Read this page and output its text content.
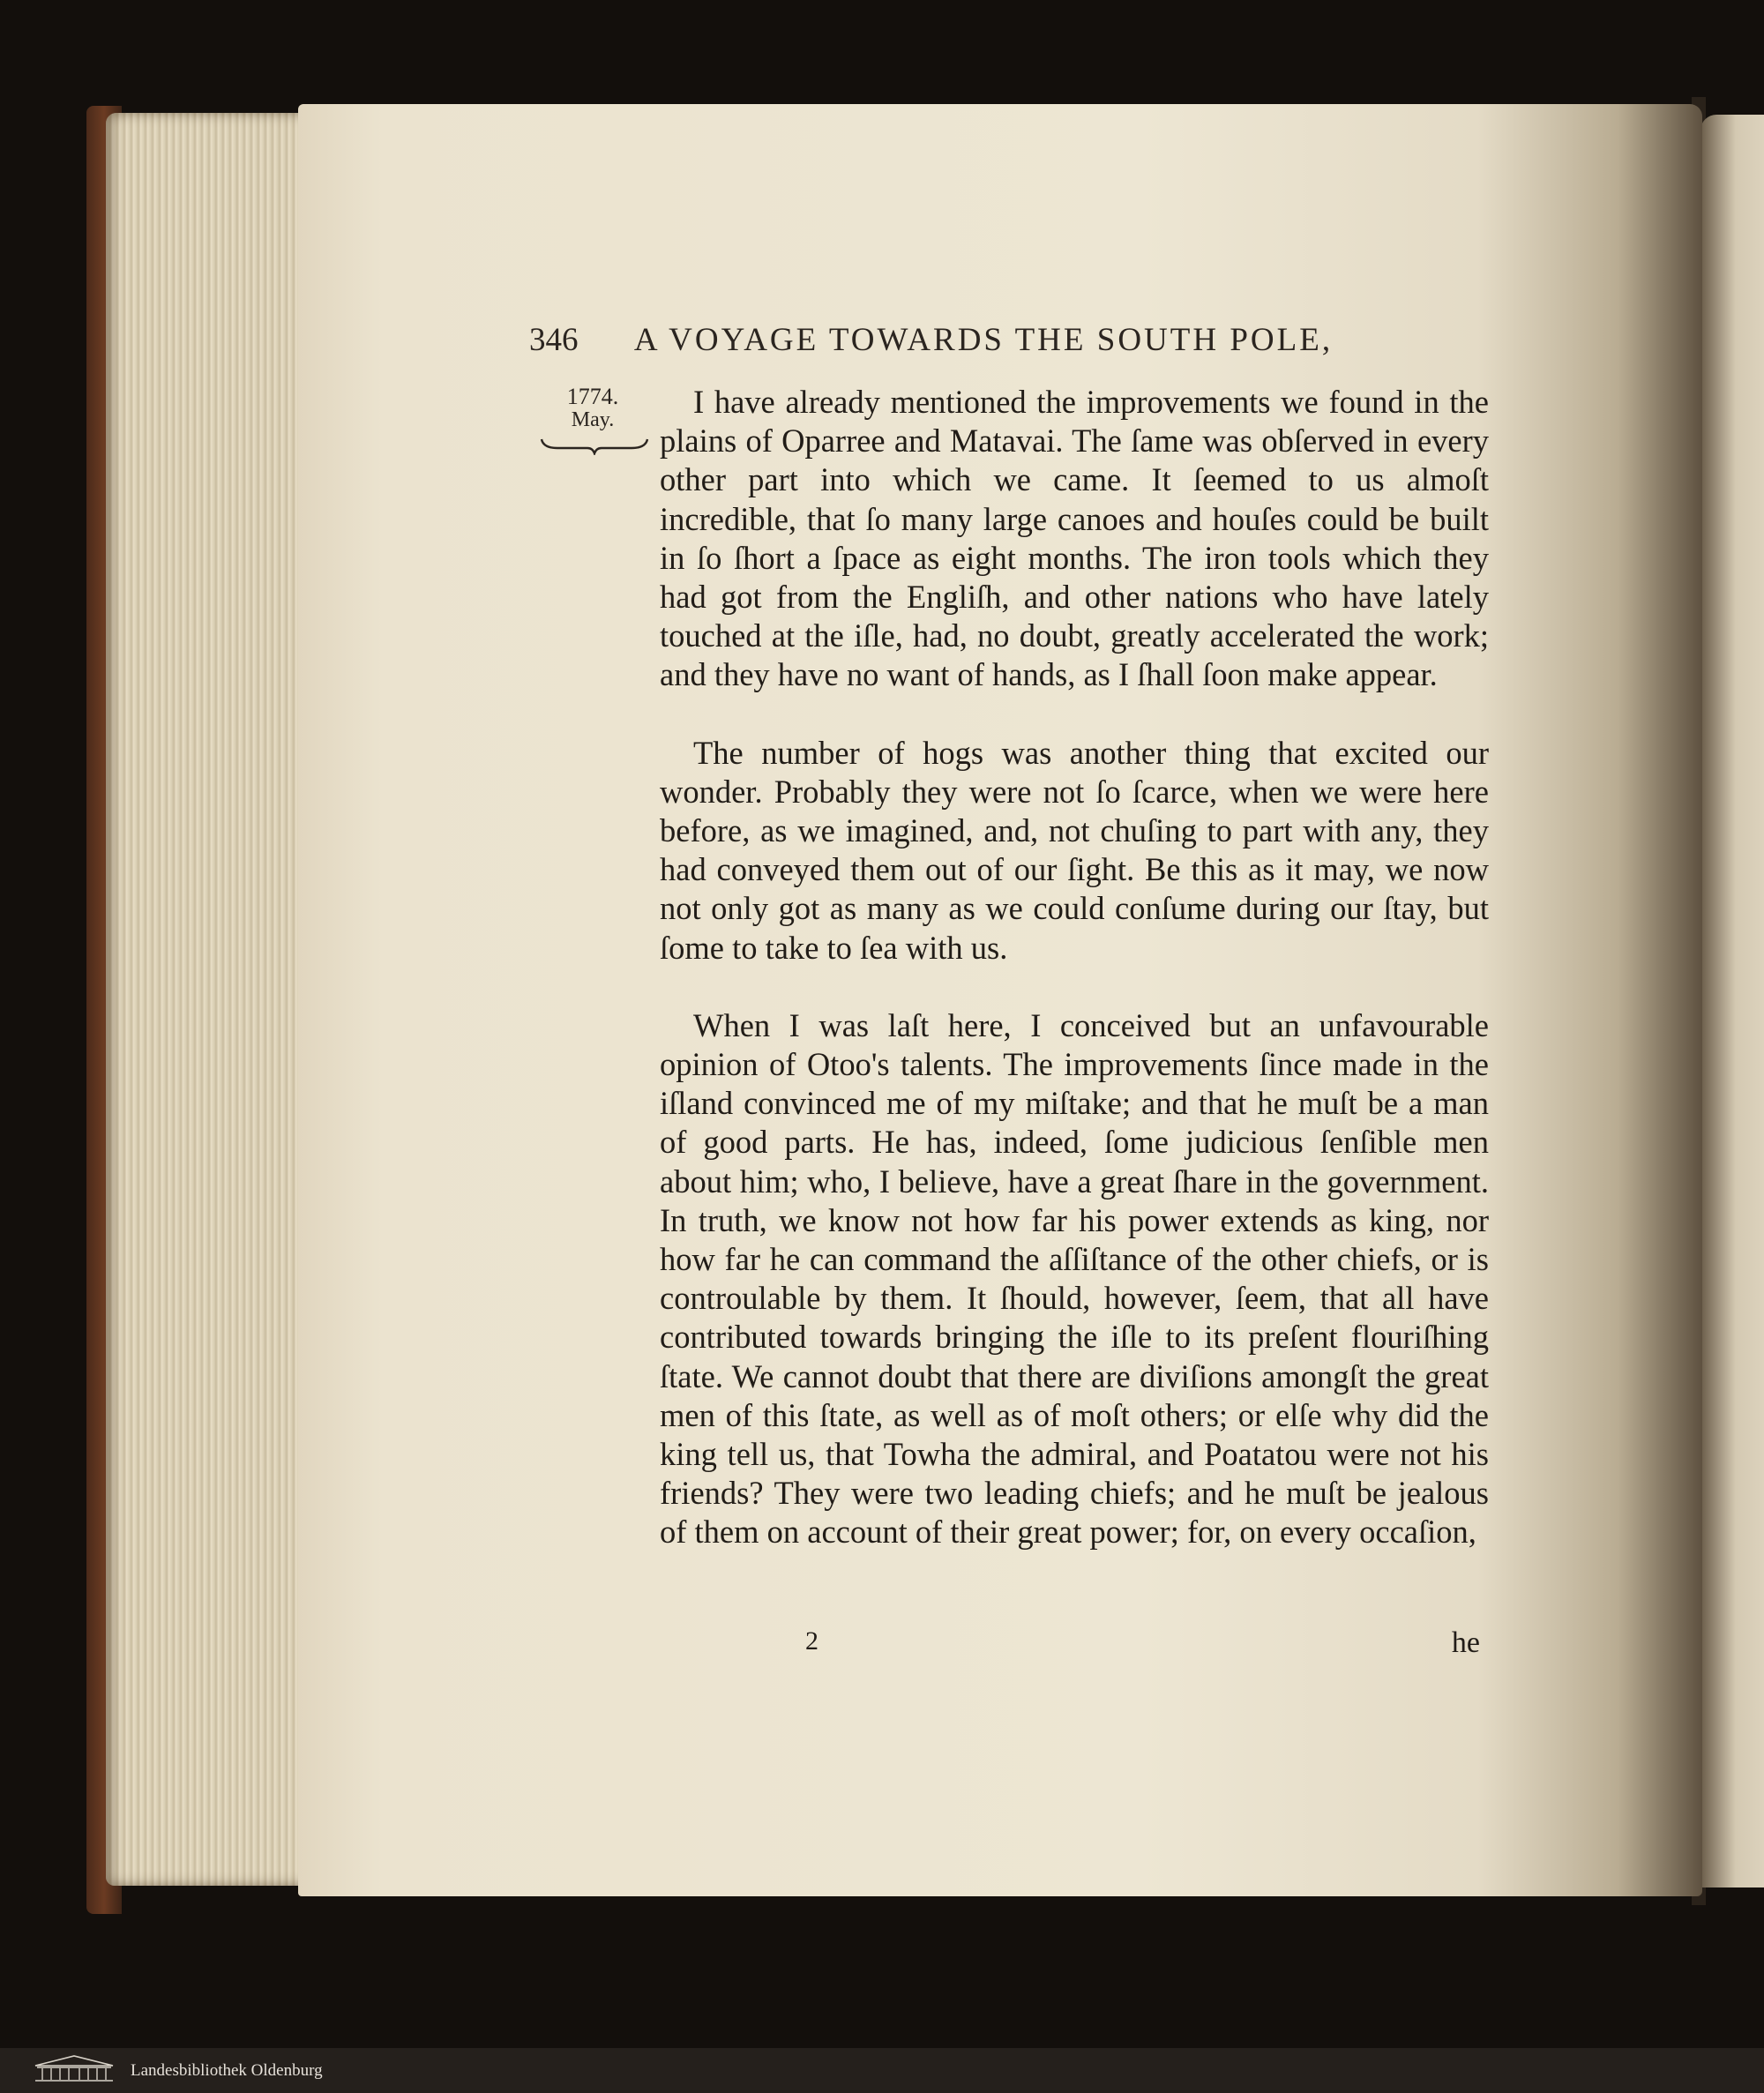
346	A VOYAGE TOWARDS THE SOUTH POLE,
1774.
May.	I have already mentioned the improvements we found in the plains of Oparree and Matavai. The ſame was obſerved in every other part into which we came. It ſeemed to us almoſt incredible, that ſo many large canoes and houſes could be built in ſo ſhort a ſpace as eight months. The iron tools which they had got from the Engliſh, and other nations who have lately touched at the iſle, had, no doubt, greatly accelerated the work; and they have no want of hands, as I ſhall ſoon make appear.

The number of hogs was another thing that excited our wonder. Probably they were not ſo ſcarce, when we were here before, as we imagined, and, not chuſing to part with any, they had conveyed them out of our ſight. Be this as it may, we now not only got as many as we could conſume during our ſtay, but ſome to take to ſea with us.

When I was laſt here, I conceived but an unfavourable opinion of Otoo's talents. The improvements ſince made in the iſland convinced me of my miſtake; and that he muſt be a man of good parts. He has, indeed, ſome judicious ſenſible men about him; who, I believe, have a great ſhare in the government. In truth, we know not how far his power extends as king, nor how far he can command the aſſiſtance of the other chiefs, or is controulable by them. It ſhould, however, ſeem, that all have contributed towards bringing the iſle to its preſent flouriſhing ſtate. We cannot doubt that there are diviſions amongſt the great men of this ſtate, as well as of moſt others; or elſe why did the king tell us, that Towha the admiral, and Poatatou were not his friends? They were two leading chiefs; and he muſt be jealous of them on account of their great power; for, on every occaſion,

2	he
Landesbibliothek Oldenburg
